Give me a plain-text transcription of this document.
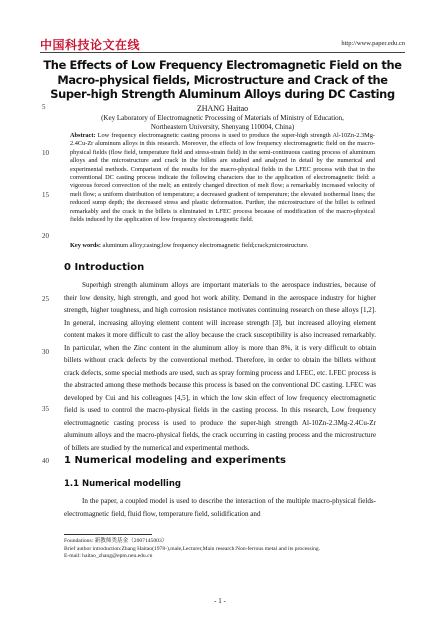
中国科技论文在线	http://www.paper.edu.cn
The Effects of Low Frequency Electromagnetic Field on the
Macro-physical fields, Microstructure and Crack of the
Super-high Strength Aluminum Alloys during DC Casting
ZHANG Haitao
(Key Laboratory of Electromagnetic Processing of Materials of Ministry of Education,
Northeastern University, Shenyang 110004, China)
Abstract: Low frequency electromagnetic casting process is used to produce the super-high strength Al-10Zn-2.3Mg-2.4Cu-Zr aluminum alloys in this research. Moreover, the effects of low frequency electromagnetic field on the macro-physical fields (flow field, temperature field and stress-strain field) in the semi-continuous casting process of aluminum alloys and the microstructure and crack in the billets are studied and analyzed in detail by the numerical and experimental methods. Comparison of the results for the macro-physical fields in the LFEC process with that in the conventional DC casting process indicate the following characters due to the application of electromagnetic field: a vigorous forced convection of the melt; an entirely changed direction of melt flow; a remarkably increased velocity of melt flow; a uniform distribution of temperature; a decreased gradient of temperature; the elevated isothermal lines; the reduced sump depth; the decreased stress and plastic deformation. Further, the microstructure of the billet is refined remarkably and the crack in the billets is eliminated in LFEC process because of modification of the macro-physical fields induced by the application of low frequency electromagnetic field.
Key words: aluminum alloy;casing;low frequency electromagnetic field;crack;microstructure.
5
10
15
20
25
30
35
40
0 Introduction

Superhigh strength aluminum alloys are important materials to the aerospace industries, because of their low density, high strength, and good hot work ability. Demand in the aerospace industry for higher strength, higher toughness, and high corrosion resistance motivates continuing research on these alloys [1,2]. In general, increasing alloying element content will increase strength [3], but increased alloying element content makes it more difficult to cast the alloy because the crack susceptibility is also increased remarkably. In particular, when the Zinc content in the aluminum alloy is more than 8%, it is very difficult to obtain billets without crack defects by the conventional method. Therefore, in order to obtain the billets without crack defects, some special methods are used, such as spray forming process and LFEC, etc. LFEC process is the abstracted among these methods because this process is based on the conventional DC casting. LFEC was developed by Cui and his colleagues [4,5], in which the low skin effect of low frequency electromagnetic field is used to control the macro-physical fields in the casting process. In this research, Low frequency electromagnetic casting process is used to produce the super-high strength Al-10Zn-2.3Mg-2.4Cu-Zr aluminum alloys and the macro-physical fields, the crack occurring in casting process and the microstructure of billets are studied by the numerical and experimental methods.

1 Numerical modeling and experiments
1.1 Numerical modelling

In the paper, a coupled model is used to describe the interaction of the multiple macro-physical fields-electromagnetic field, fluid flow, temperature field, solidification and

Foundations: 新教师类基金（2007145003）
Brief author introduction:Zhang Haitao(1978-),male,Lecturer,Main research:Non-ferrous metal and its processing.
E-mail: haitao_zhang@epm.neu.edu.cn
- 1 -
